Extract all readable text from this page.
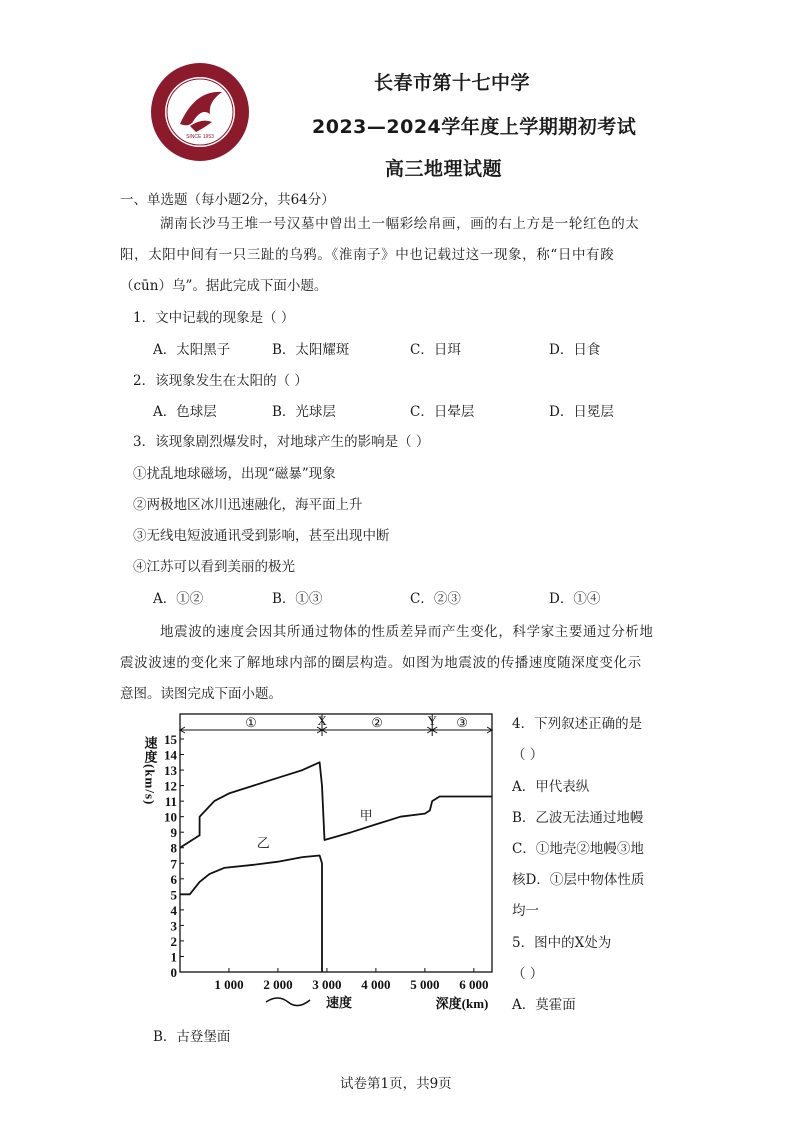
SINCE 1953
长春市第十七中学
2023—2024学年度上学期期初考试
高三地理试题
一、单选题（每小题2分，共64分）
湖南长沙马王堆一号汉墓中曾出土一幅彩绘帛画，画的右上方是一轮红色的太
阳，太阳中间有一只三趾的乌鸦。《淮南子》中也记载过这一现象，称“日中有踆
（cūn）乌”。据此完成下面小题。
1．文中记载的现象是（ ）
A．太阳黑子	B．太阳耀斑	C．日珥	D．日食
2．该现象发生在太阳的（ ）
A．色球层	B．光球层	C．日晕层	D．日冕层
3．该现象剧烈爆发时，对地球产生的影响是（ ）
①扰乱地球磁场，出现“磁暴”现象
②两极地区冰川迅速融化，海平面上升
③无线电短波通讯受到影响，甚至出现中断
④江苏可以看到美丽的极光
A．①②	B．①③	C．②③	D．①④
地震波的速度会因其所通过物体的性质差异而产生变化，科学家主要通过分析地
震波波速的变化来了解地球内部的圈层构造。如图为地震波的传播速度随深度变化示
意图。读图完成下面小题。
①	X	②	Y ③
0
1
2
3
4
5
6
7
8
9
10
11
12
13
14
15
1 000 2 000 3 000 4 000 5 000 6 000
速度(km/s)
深度(km)
速度
甲
乙
4．下列叙述正确的是
（ ）
A．甲代表纵
B．乙波无法通过地幔
C．①地壳②地幔③地
核D．①层中物体性质
均一
5．图中的X处为
（ ）
A．莫霍面
B．古登堡面
试卷第1页，共9页
